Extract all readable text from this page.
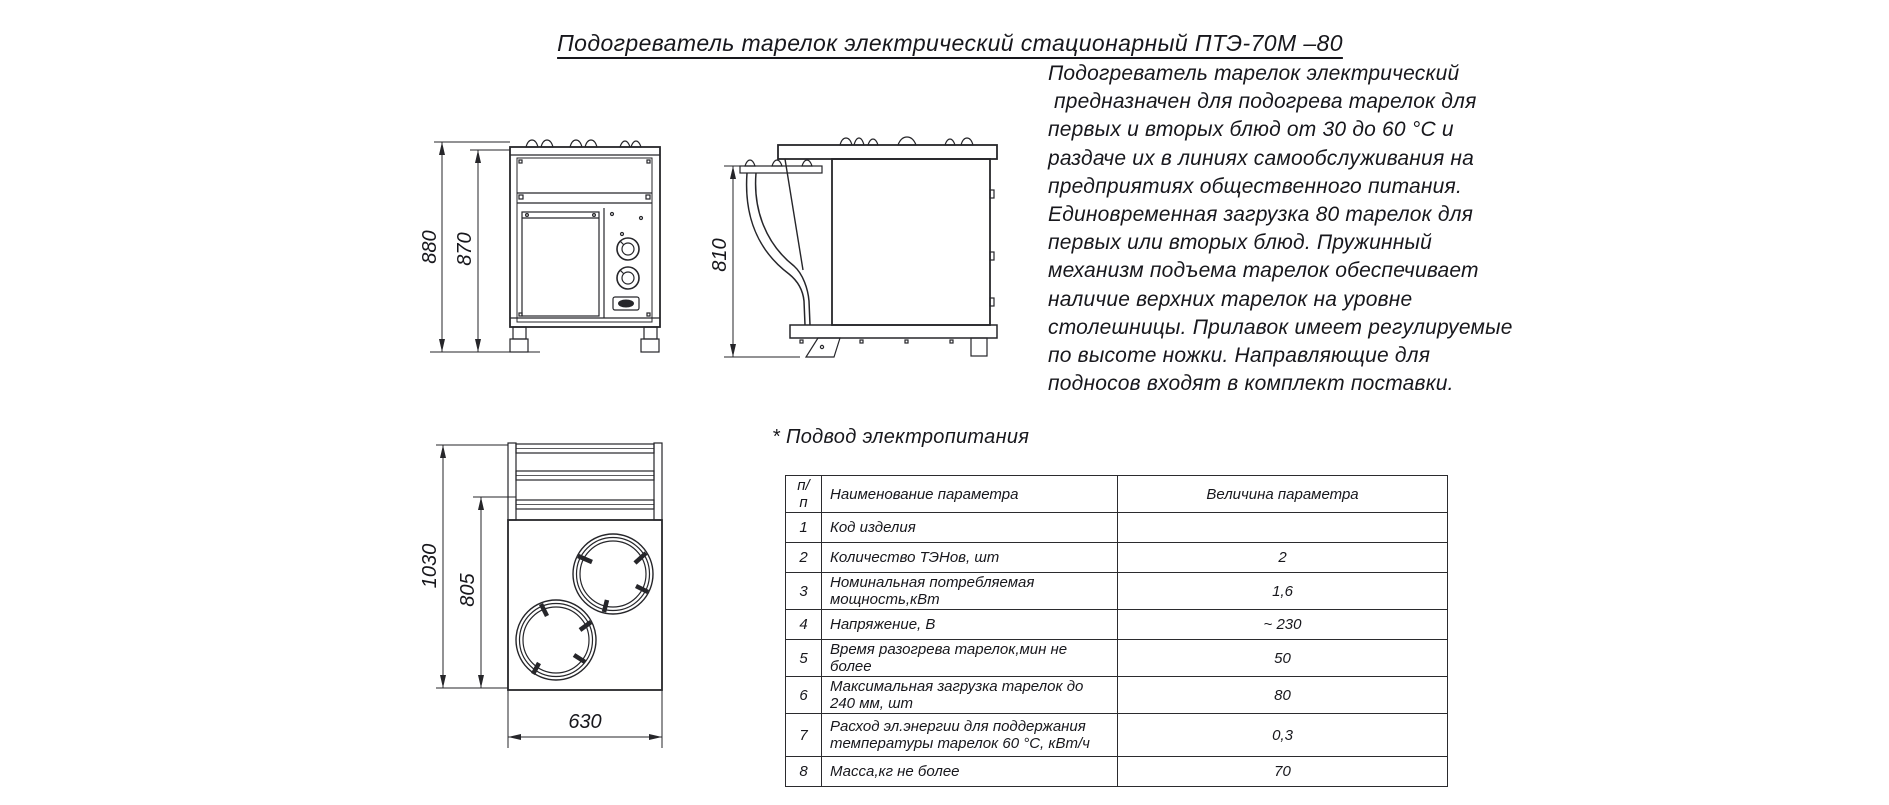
Подогреватель тарелок электрический стационарный ПТЭ-70М –80
880 870	810
1030
805
630
* Подвод электропитания
Подогреватель тарелок электрический
предназначен для подогрева тарелок для
первых и вторых блюд от 30 до 60 °С и
раздаче их в линиях самообслуживания на
предприятиях общественного питания.
Единовременная загрузка 80 тарелок для
первых или вторых блюд. Пружинный
механизм подъема тарелок обеспечивает
наличие верхних тарелок на уровне
столешницы. Прилавок имеет регулируемые
по высоте ножки. Направляющие для
подносов входят в комплект поставки.
п/п	Наименование параметра	Величина параметра
1	Код изделия	
2	Количество ТЭНов, шт	2
3	Номинальная потребляемая мощность,кВт	1,6
4	Напряжение, В	~ 230
5	Время разогрева тарелок,мин не более	50
6	Максимальная загрузка тарелок до 240 мм, шт	80
7	Расход эл.энергии для поддержания температуры тарелок 60 °С, кВт/ч	0,3
8	Масса,кг не более	70
